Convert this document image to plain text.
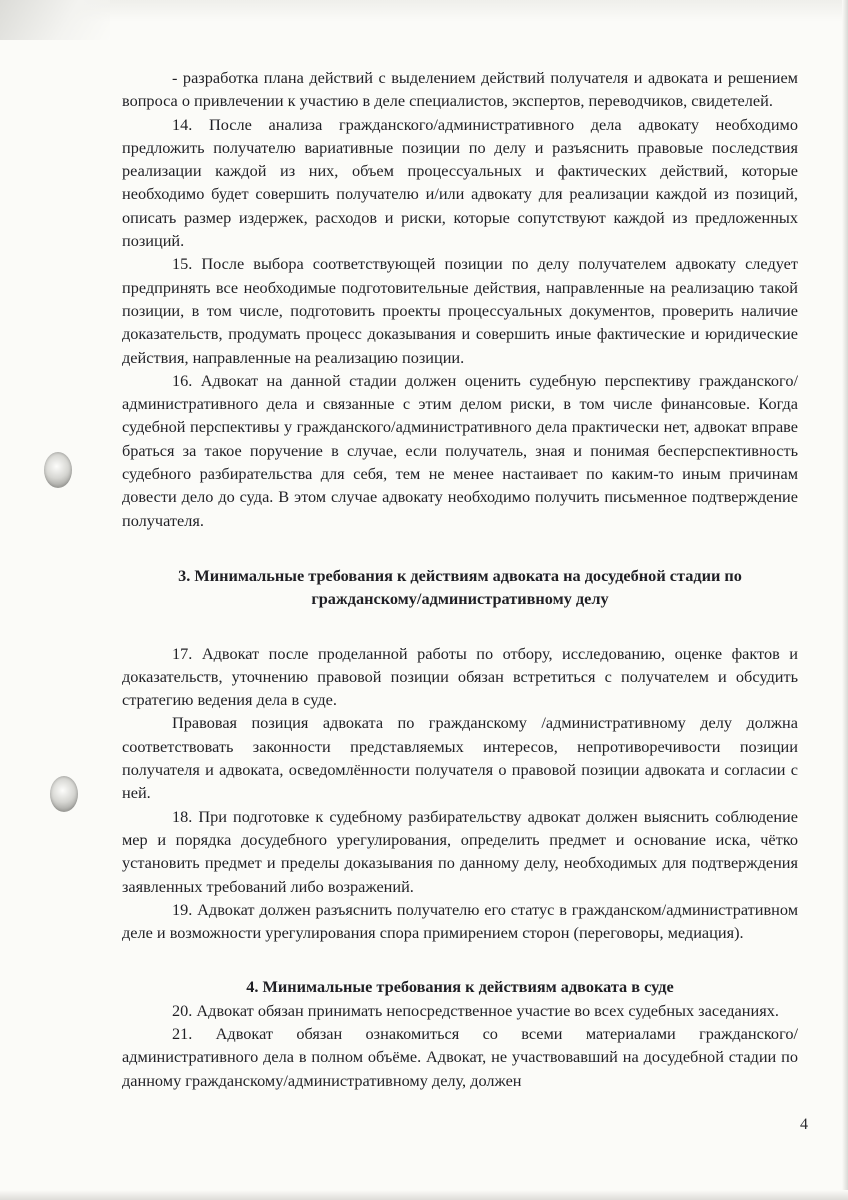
- разработка плана действий с выделением действий получателя и адвоката и решением вопроса о привлечении к участию в деле специалистов, экспертов, переводчиков, свидетелей.

14. После анализа гражданского/административного дела адвокату необходимо предложить получателю вариативные позиции по делу и разъяснить правовые последствия реализации каждой из них, объем процессуальных и фактических действий, которые необходимо будет совершить получателю и/или адвокату для реализации каждой из позиций, описать размер издержек, расходов и риски, которые сопутствуют каждой из предложенных позиций.

15. После выбора соответствующей позиции по делу получателем адвокату следует предпринять все необходимые подготовительные действия, направленные на реализацию такой позиции, в том числе, подготовить проекты процессуальных документов, проверить наличие доказательств, продумать процесс доказывания и совершить иные фактические и юридические действия, направленные на реализацию позиции.

16. Адвокат на данной стадии должен оценить судебную перспективу гражданского/административного дела и связанные с этим делом риски, в том числе финансовые. Когда судебной перспективы у гражданского/административного дела практически нет, адвокат вправе браться за такое поручение в случае, если получатель, зная и понимая бесперспективность судебного разбирательства для себя, тем не менее настаивает по каким-то иным причинам довести дело до суда. В этом случае адвокату необходимо получить письменное подтверждение получателя.

3. Минимальные требования к действиям адвоката на досудебной стадии по
гражданскому/административному делу

17. Адвокат после проделанной работы по отбору, исследованию, оценке фактов и доказательств, уточнению правовой позиции обязан встретиться с получателем и обсудить стратегию ведения дела в суде.

Правовая позиция адвоката по гражданскому /административному делу должна соответствовать законности представляемых интересов, непротиворечивости позиции получателя и адвоката, осведомлённости получателя о правовой позиции адвоката и согласии с ней.

18. При подготовке к судебному разбирательству адвокат должен выяснить соблюдение мер и порядка досудебного урегулирования, определить предмет и основание иска, чётко установить предмет и пределы доказывания по данному делу, необходимых для подтверждения заявленных требований либо возражений.

19. Адвокат должен разъяснить получателю его статус в гражданском/административном деле и возможности урегулирования спора примирением сторон (переговоры, медиация).

4. Минимальные требования к действиям адвоката в суде

20. Адвокат обязан принимать непосредственное участие во всех судебных заседаниях.

21. Адвокат обязан ознакомиться со всеми материалами гражданского/административного дела в полном объёме. Адвокат, не участвовавший на досудебной стадии по данному гражданскому/административному делу, должен

4
